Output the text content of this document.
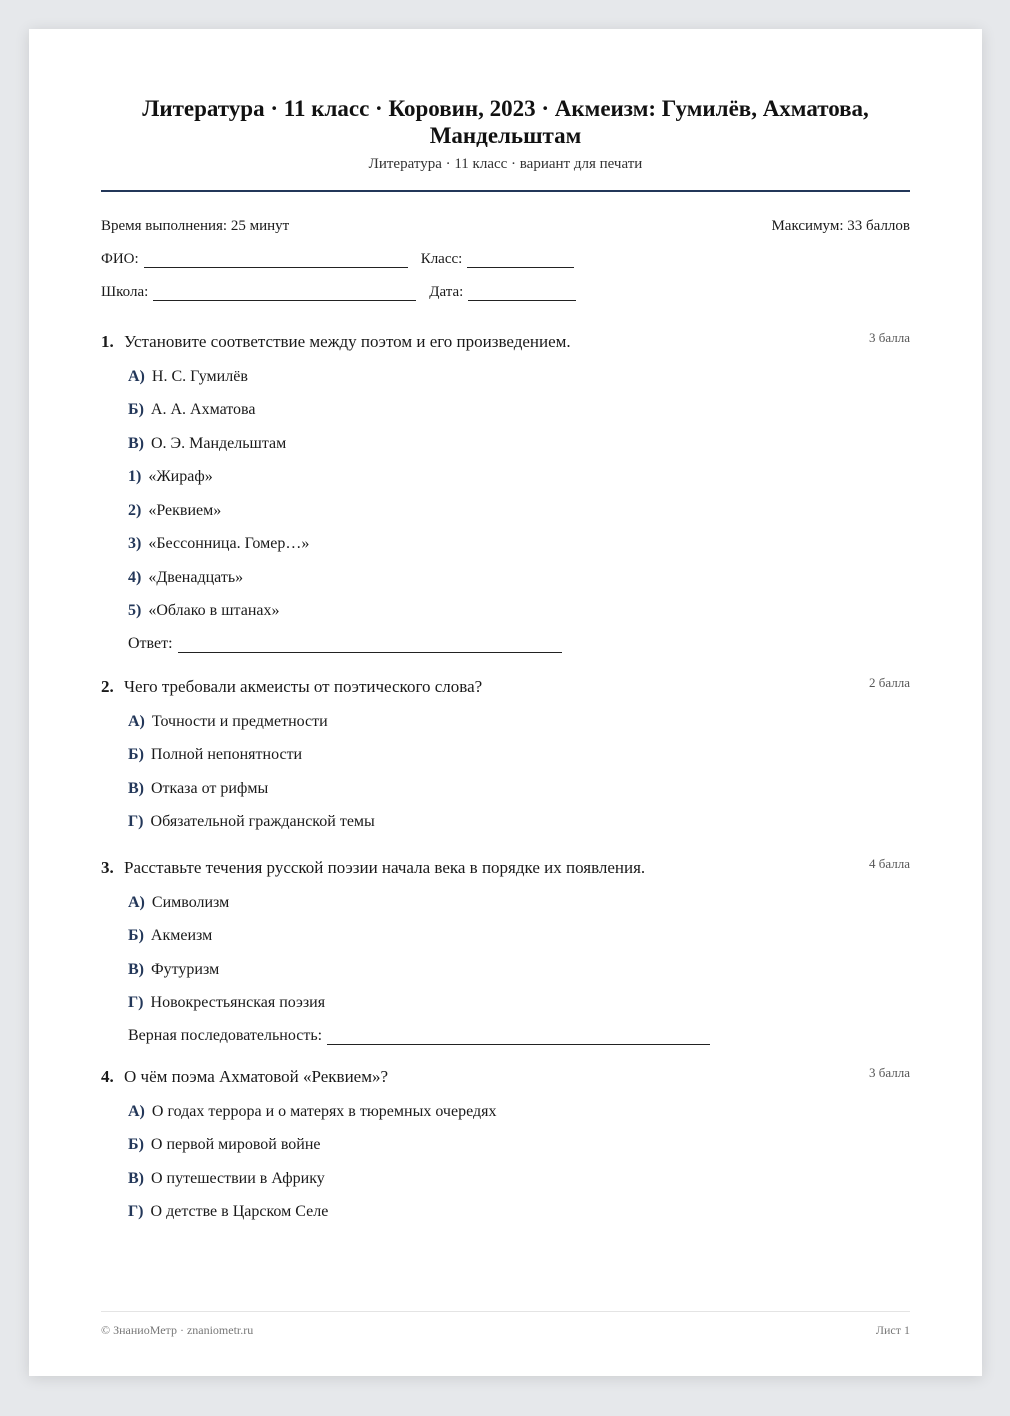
Литература · 11 класс · Коровин, 2023 · Акмеизм: Гумилёв, Ахматова, Мандельштам
Литература · 11 класс · вариант для печати
Время выполнения: 25 минут	Максимум: 33 баллов
ФИО:	Класс:
Школа:	Дата:
1. Установите соответствие между поэтом и его произведением.	3 балла
А) Н. С. Гумилёв
Б) А. А. Ахматова
В) О. Э. Мандельштам
1) «Жираф»
2) «Реквием»
3) «Бессонница. Гомер…»
4) «Двенадцать»
5) «Облако в штанах»
Ответ:
2. Чего требовали акмеисты от поэтического слова?	2 балла
А) Точности и предметности
Б) Полной непонятности
В) Отказа от рифмы
Г) Обязательной гражданской темы
3. Расставьте течения русской поэзии начала века в порядке их появления.	4 балла
А) Символизм
Б) Акмеизм
В) Футуризм
Г) Новокрестьянская поэзия
Верная последовательность:
4. О чём поэма Ахматовой «Реквием»?	3 балла
А) О годах террора и о матерях в тюремных очередях
Б) О первой мировой войне
В) О путешествии в Африку
Г) О детстве в Царском Селе
© ЗнаниоМетр · znaniometr.ru	Лист 1
